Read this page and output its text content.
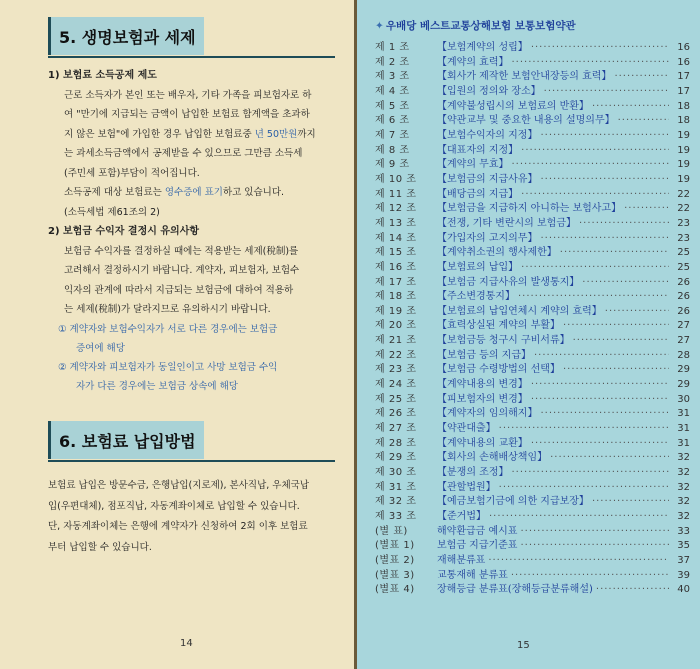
5. 생명보험과 세제
1) 보험료 소득공제 제도
근로 소득자가 본인 또는 배우자, 기타 가족을 피보험자로 하
여 "만기에 지급되는 금액이 납입한 보험료 합계액을 초과하
지 않은 보험"에 가입한 경우 납입한 보험료중 년 50만원까지
는 과세소득금액에서 공제받을 수 있으므로 그만큼 소득세
(주민세 포함)부담이 적어집니다.
소득공제 대상 보험료는 영수증에 표기하고 있습니다.
(소득세법 제61조의 2)
2) 보험금 수익자 결정시 유의사항
보험금 수익자를 결정하실 때에는 적용받는 세제(稅制)를
고려해서 결정하시기 바랍니다. 계약자, 피보험자, 보험수
익자의 관계에 따라서 지급되는 보험금에 대하여 적용하
는 세제(稅制)가 달라지므로 유의하시기 바랍니다.
① 계약자와 보험수익자가 서로 다른 경우에는 보험금
증여에 해당
② 계약자와 피보험자가 동일인이고 사망 보험금 수익
자가 다른 경우에는 보험금 상속에 해당
6. 보험료 납입방법
보험료 납입은 방문수금, 은행납입(지로제), 본사직납, 우체국납
입(우편대체), 점포직납, 자동계좌이체로 납입할 수 있습니다.
단, 자동계좌이체는 은행에 계약자가 신청하여 2회 이후 보험료
부터 납입할 수 있습니다.
14
✦ 우배당 베스트교통상해보험 보통보험약관
제 1 조	【보험계약의 성립】 ·····	16
제 2 조	【계약의 효력】 ·····	16
제 3 조	【회사가 제작한 보험안내장등의 효력】 ·····	17
제 4 조	【입원의 정의와 장소】 ·····	17
제 5 조	【계약불성립시의 보험료의 반환】 ·····	18
제 6 조	【약관교부 및 중요한 내용의 설명의무】 ·····	18
제 7 조	【보험수익자의 지정】 ·····	19
제 8 조	【대표자의 지정】 ·····	19
제 9 조	【계약의 무효】 ·····	19
제 10 조	【보험금의 지급사유】 ·····	19
제 11 조	【배당금의 지급】 ·····	22
제 12 조	【보험금을 지급하지 아니하는 보험사고】 ·····	22
제 13 조	【전쟁, 기타 변란시의 보험금】 ·····	23
제 14 조	【가입자의 고지의무】 ·····	23
제 15 조	【계약취소권의 행사제한】 ·····	25
제 16 조	【보험료의 납입】 ·····	25
제 17 조	【보험금 지급사유의 발생통지】 ·····	26
제 18 조	【주소변경통지】 ·····	26
제 19 조	【보험료의 납입연체시 계약의 효력】 ·····	26
제 20 조	【효력상실된 계약의 부활】 ·····	27
제 21 조	【보험금등 청구시 구비서류】 ·····	27
제 22 조	【보험금 등의 지급】 ·····	28
제 23 조	【보험금 수령방법의 선택】 ·····	29
제 24 조	【계약내용의 변경】 ·····	29
제 25 조	【피보험자의 변경】 ·····	30
제 26 조	【계약자의 임의해지】 ·····	31
제 27 조	【약관대출】 ·····	31
제 28 조	【계약내용의 교환】 ·····	31
제 29 조	【회사의 손해배상책임】 ·····	32
제 30 조	【분쟁의 조정】 ·····	32
제 31 조	【관할법원】 ·····	32
제 32 조	【예금보험기금에 의한 지급보장】 ·····	32
제 33 조	【준거법】 ·····	32
(별 표)	해약환급금 예시표 ·····	33
(별표 1)	보험금 지급기준표 ·····	35
(별표 2)	재해분류표 ·····	37
(별표 3)	교통재해 분류표 ·····	39
(별표 4)	장해등급 분류표(장해등급분류해설) ·····	40
15
